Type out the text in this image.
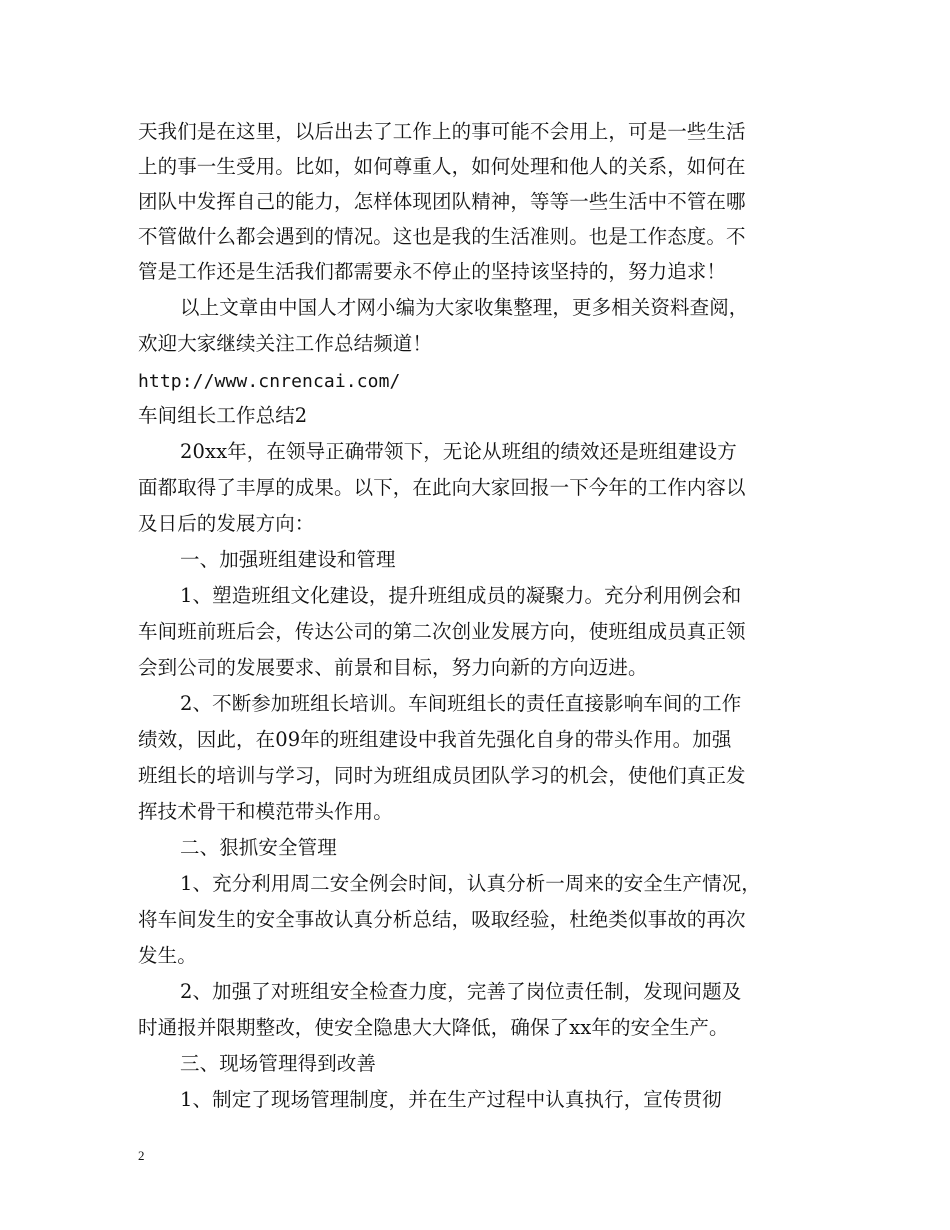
天我们是在这里，以后出去了工作上的事可能不会用上，可是一些生活
上的事一生受用。比如，如何尊重人，如何处理和他人的关系，如何在
团队中发挥自己的能力，怎样体现团队精神，等等一些生活中不管在哪
不管做什么都会遇到的情况。这也是我的生活准则。也是工作态度。不
管是工作还是生活我们都需要永不停止的坚持该坚持的，努力追求！
以上文章由中国人才网小编为大家收集整理，更多相关资料查阅，
欢迎大家继续关注工作总结频道！
http://www.cnrencai.com/
车间组长工作总结2
20xx年，在领导正确带领下，无论从班组的绩效还是班组建设方
面都取得了丰厚的成果。以下，在此向大家回报一下今年的工作内容以
及日后的发展方向：
一、加强班组建设和管理
1、塑造班组文化建设，提升班组成员的凝聚力。充分利用例会和
车间班前班后会，传达公司的第二次创业发展方向，使班组成员真正领
会到公司的发展要求、前景和目标，努力向新的方向迈进。
2、不断参加班组长培训。车间班组长的责任直接影响车间的工作
绩效，因此，在09年的班组建设中我首先强化自身的带头作用。加强
班组长的培训与学习，同时为班组成员团队学习的机会，使他们真正发
挥技术骨干和模范带头作用。
二、狠抓安全管理
1、充分利用周二安全例会时间，认真分析一周来的安全生产情况，
将车间发生的安全事故认真分析总结，吸取经验，杜绝类似事故的再次
发生。
2、加强了对班组安全检查力度，完善了岗位责任制，发现问题及
时通报并限期整改，使安全隐患大大降低，确保了xx年的安全生产。
三、现场管理得到改善
1、制定了现场管理制度，并在生产过程中认真执行，宣传贯彻
2
